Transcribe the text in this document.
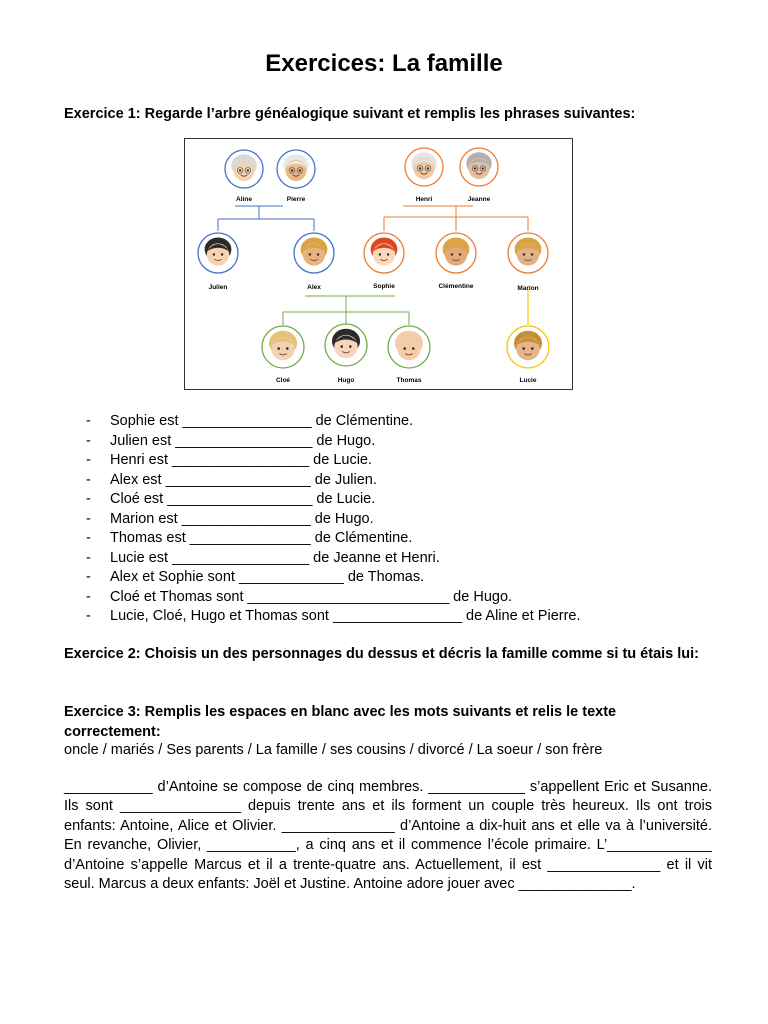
Exercices: La famille
Exercice 1: Regarde l’arbre généalogique suivant et remplis les phrases suivantes:
Aline	Pierre	Henri	Jeanne
Julien	Alex	Sophie	Clémentine	Marion
Cloé	Hugo	Thomas	Lucie
- Sophie est ________________ de Clémentine.
- Julien est _________________ de Hugo.
- Henri est _________________ de Lucie.
- Alex est __________________ de Julien.
- Cloé est __________________ de Lucie.
- Marion est ________________ de Hugo.
- Thomas est _______________ de Clémentine.
- Lucie est _________________ de Jeanne et Henri.
- Alex et Sophie sont _____________ de Thomas.
- Cloé et Thomas sont _________________________ de Hugo.
- Lucie, Cloé, Hugo et Thomas sont ________________ de Aline et Pierre.
Exercice 2: Choisis un des personnages du dessus et décris la famille comme si tu étais lui:
Exercice 3: Remplis les espaces en blanc avec les mots suivants et relis le texte correctement:
oncle / mariés / Ses parents / La famille / ses cousins / divorcé / La soeur / son frère
___________ d’Antoine se compose de cinq membres. ____________ s’appellent Eric et Susanne. Ils sont _______________ depuis trente ans et ils forment un couple très heureux. Ils ont trois enfants: Antoine, Alice et Olivier. ______________ d’Antoine a dix-huit ans et elle va à l’université. En revanche, Olivier, ___________, a cinq ans et il commence l’école primaire. L’_____________ d’Antoine s’appelle Marcus et il a trente-quatre ans. Actuellement, il est ______________ et il vit seul. Marcus a deux enfants: Joël et Justine. Antoine adore jouer avec ______________.
